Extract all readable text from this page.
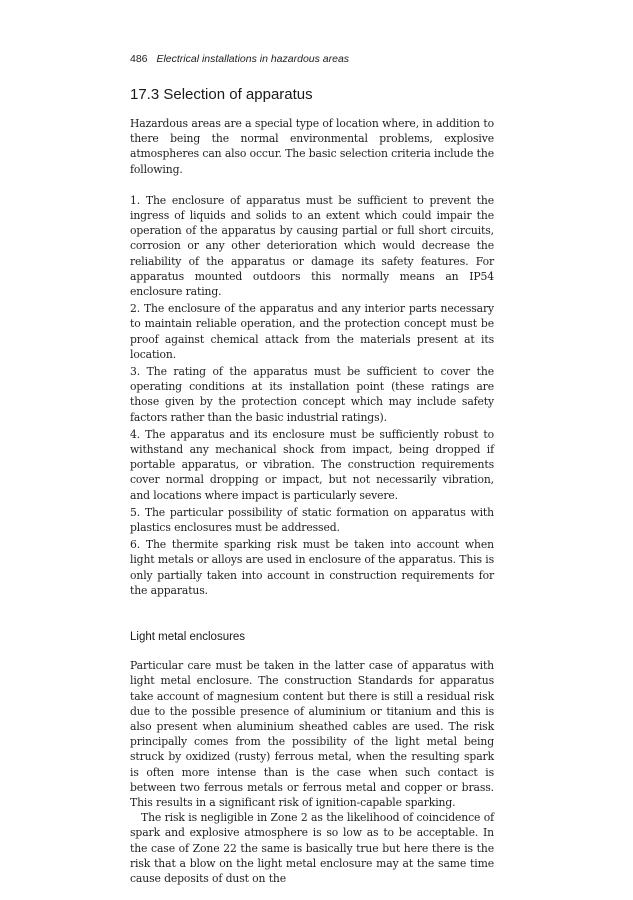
486 Electrical installations in hazardous areas
17.3 Selection of apparatus

Hazardous areas are a special type of location where, in addition to there being the normal environmental problems, explosive atmospheres can also occur. The basic selection criteria include the following.

1. The enclosure of apparatus must be sufficient to prevent the ingress of liquids and solids to an extent which could impair the operation of the apparatus by causing partial or full short circuits, corrosion or any other deterioration which would decrease the reliability of the apparatus or damage its safety features. For apparatus mounted outdoors this normally means an IP54 enclosure rating.

2. The enclosure of the apparatus and any interior parts necessary to maintain reliable operation, and the protection concept must be proof against chemical attack from the materials present at its location.

3. The rating of the apparatus must be sufficient to cover the operating conditions at its installation point (these ratings are those given by the protection concept which may include safety factors rather than the basic industrial ratings).

4. The apparatus and its enclosure must be sufficiently robust to withstand any mechanical shock from impact, being dropped if portable apparatus, or vibration. The construction requirements cover normal dropping or impact, but not necessarily vibration, and locations where impact is particularly severe.

5. The particular possibility of static formation on apparatus with plastics enclosures must be addressed.

6. The thermite sparking risk must be taken into account when light metals or alloys are used in enclosure of the apparatus. This is only partially taken into account in construction requirements for the apparatus.

Light metal enclosures

Particular care must be taken in the latter case of apparatus with light metal enclosure. The construction Standards for apparatus take account of magnesium content but there is still a residual risk due to the possible presence of aluminium or titanium and this is also present when aluminium sheathed cables are used. The risk principally comes from the possibility of the light metal being struck by oxidized (rusty) ferrous metal, when the resulting spark is often more intense than is the case when such contact is between two ferrous metals or ferrous metal and copper or brass. This results in a significant risk of ignition-capable sparking.

The risk is negligible in Zone 2 as the likelihood of coincidence of spark and explosive atmosphere is so low as to be acceptable. In the case of Zone 22 the same is basically true but here there is the risk that a blow on the light metal enclosure may at the same time cause deposits of dust on the
